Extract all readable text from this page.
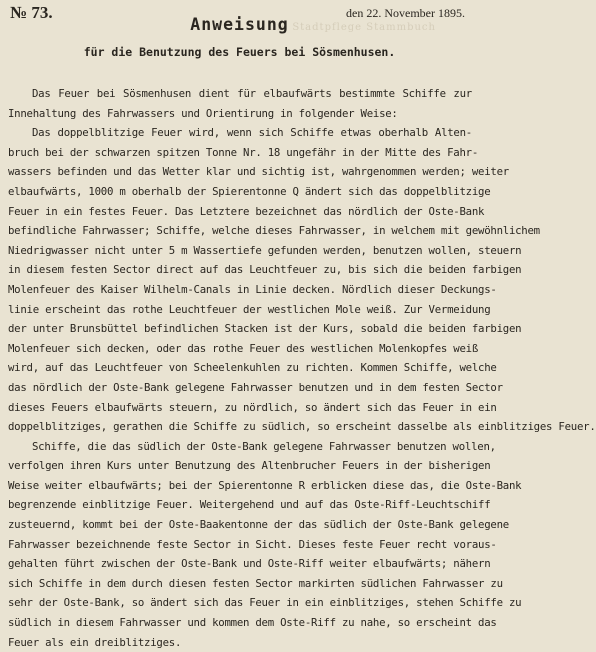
Die Stadtpflege Stammbuch
№ 73.	den 22. November 1895.
Anweisung
für die Benutzung des Feuers bei Sösmenhusen.
Das Feuer bei Sösmenhusen dient für elbaufwärts bestimmte Schiffe zur
Innehaltung des Fahrwassers und Orientirung in folgender Weise:
Das doppelblitzige Feuer wird, wenn sich Schiffe etwas oberhalb Alten-
bruch bei der schwarzen spitzen Tonne Nr. 18 ungefähr in der Mitte des Fahr-
wassers befinden und das Wetter klar und sichtig ist, wahrgenommen werden; weiter
elbaufwärts, 1000 m oberhalb der Spierentonne Q ändert sich das doppelblitzige
Feuer in ein festes Feuer. Das Letztere bezeichnet das nördlich der Oste-Bank
befindliche Fahrwasser; Schiffe, welche dieses Fahrwasser, in welchem mit gewöhnlichem
Niedrigwasser nicht unter 5 m Wassertiefe gefunden werden, benutzen wollen, steuern
in diesem festen Sector direct auf das Leuchtfeuer zu, bis sich die beiden farbigen
Molenfeuer des Kaiser Wilhelm-Canals in Linie decken. Nördlich dieser Deckungs-
linie erscheint das rothe Leuchtfeuer der westlichen Mole weiß. Zur Vermeidung
der unter Brunsbüttel befindlichen Stacken ist der Kurs, sobald die beiden farbigen
Molenfeuer sich decken, oder das rothe Feuer des westlichen Molenkopfes weiß
wird, auf das Leuchtfeuer von Scheelenkuhlen zu richten. Kommen Schiffe, welche
das nördlich der Oste-Bank gelegene Fahrwasser benutzen und in dem festen Sector
dieses Feuers elbaufwärts steuern, zu nördlich, so ändert sich das Feuer in ein
doppelblitziges, gerathen die Schiffe zu südlich, so erscheint dasselbe als einblitziges Feuer.
Schiffe, die das südlich der Oste-Bank gelegene Fahrwasser benutzen wollen,
verfolgen ihren Kurs unter Benutzung des Altenbrucher Feuers in der bisherigen
Weise weiter elbaufwärts; bei der Spierentonne R erblicken diese das, die Oste-Bank
begrenzende einblitzige Feuer. Weitergehend und auf das Oste-Riff-Leuchtschiff
zusteuernd, kommt bei der Oste-Baakentonne der das südlich der Oste-Bank gelegene
Fahrwasser bezeichnende feste Sector in Sicht. Dieses feste Feuer recht voraus-
gehalten führt zwischen der Oste-Bank und Oste-Riff weiter elbaufwärts; nähern
sich Schiffe in dem durch diesen festen Sector markirten südlichen Fahrwasser zu
sehr der Oste-Bank, so ändert sich das Feuer in ein einblitziges, stehen Schiffe zu
südlich in diesem Fahrwasser und kommen dem Oste-Riff zu nahe, so erscheint das
Feuer als ein dreiblitziges.
